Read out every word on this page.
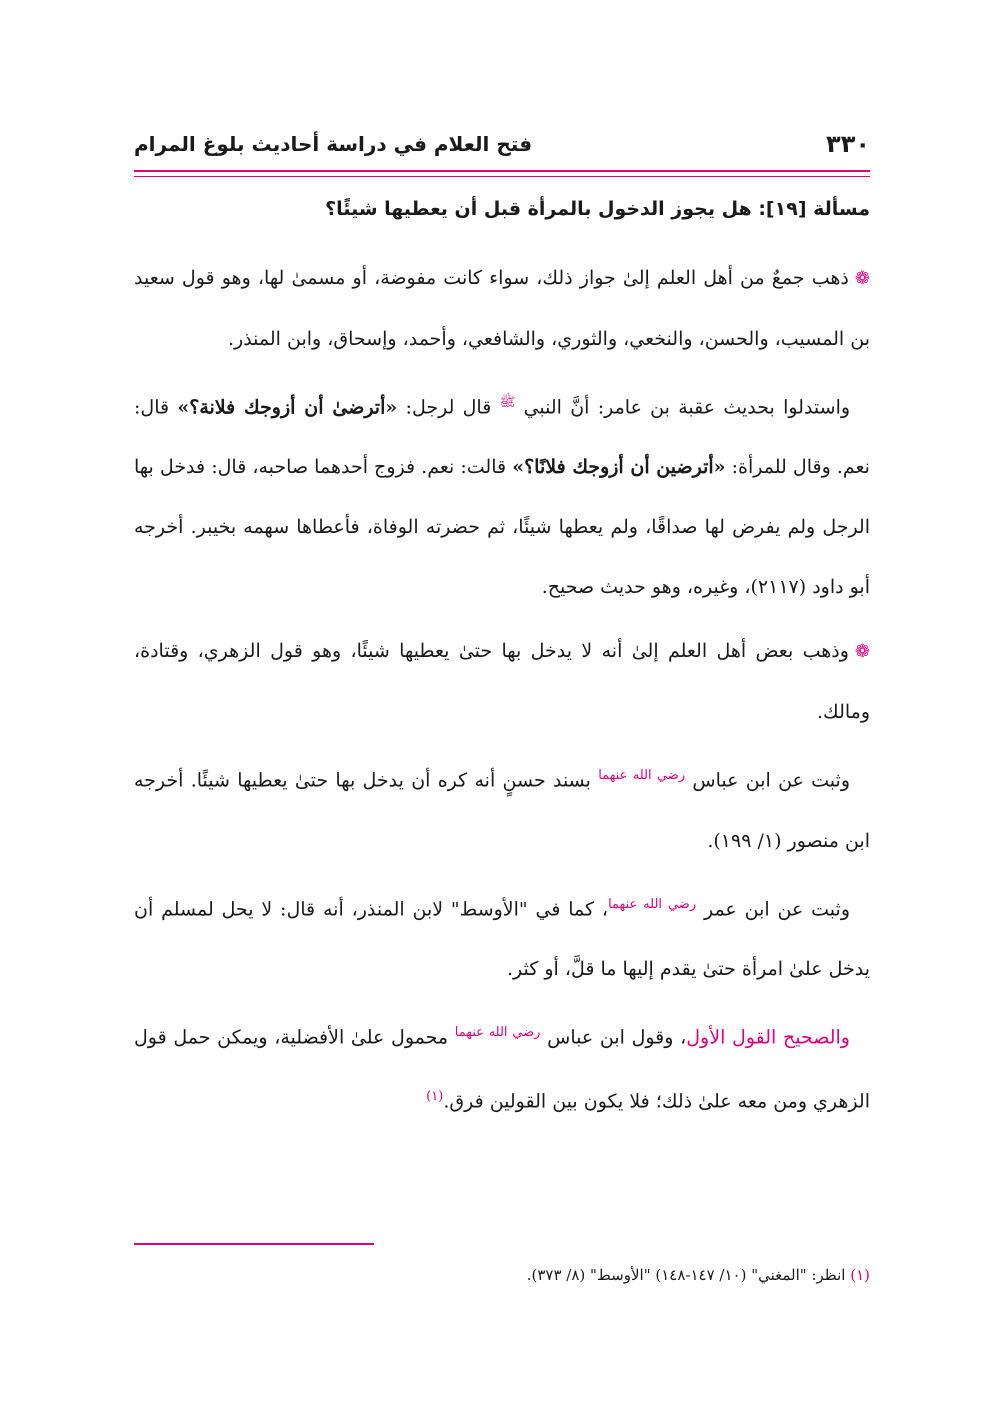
٣٣٠
فتح العلام في دراسة أحاديث بلوغ المرام
مسألة [١٩]: هل يجوز الدخول بالمرأة قبل أن يعطيها شيئًا؟

❁ذهب جمعٌ من أهل العلم إلىٰ جواز ذلك، سواء كانت مفوضة، أو مسمىٰ لها، وهو قول سعيد بن المسيب، والحسن، والنخعي، والثوري، والشافعي، وأحمد، وإسحاق، وابن المنذر.

واستدلوا بحديث عقبة بن عامر: أنَّ النبي $^ﷺ$ قال لرجل: «أترضىٰ أن أزوجك فلانة؟» قال: نعم. وقال للمرأة: «أترضين أن أزوجك فلانًا؟» قالت: نعم. فزوج أحدهما صاحبه، قال: فدخل بها الرجل ولم يفرض لها صداقًا، ولم يعطها شيئًا، ثم حضرته الوفاة، فأعطاها سهمه بخيبر. أخرجه أبو داود (٢١١٧)، وغيره، وهو حديث صحيح.

❁وذهب بعض أهل العلم إلىٰ أنه لا يدخل بها حتىٰ يعطيها شيئًا، وهو قول الزهري، وقتادة، ومالك.

وثبت عن ابن عباس $^{رضي الله عنهما}$ بسند حسنٍ أنه كره أن يدخل بها حتىٰ يعطيها شيئًا. أخرجه ابن منصور (١/ ١٩٩).

وثبت عن ابن عمر $^{رضي الله عنهما}$، كما في "الأوسط" لابن المنذر، أنه قال: لا يحل لمسلم أن يدخل علىٰ امرأة حتىٰ يقدم إليها ما قلَّ، أو كثر.

والصحيح القول الأول، وقول ابن عباس $^{رضي الله عنهما}$ محمول علىٰ الأفضلية، ويمكن حمل قول الزهري ومن معه علىٰ ذلك؛ فلا يكون بين القولين فرق.$^{(١)}$

(١) انظر: "المغني" (١٠/ ١٤٧-١٤٨) "الأوسط" (٨/ ٣٧٣).
